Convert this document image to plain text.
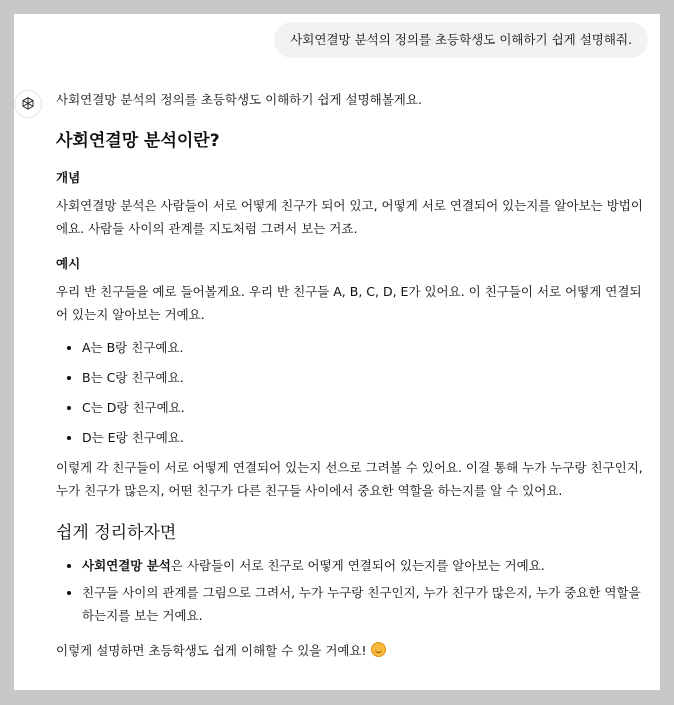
사회연결망 분석의 정의를 초등학생도 이해하기 쉽게 설명해줘.

사회연결망 분석의 정의를 초등학생도 이해하기 쉽게 설명해볼게요.

사회연결망 분석이란?
개념

사회연결망 분석은 사람들이 서로 어떻게 친구가 되어 있고, 어떻게 서로 연결되어 있는지를 알아보는 방법이에요. 사람들 사이의 관계를 지도처럼 그려서 보는 거죠.

예시

우리 반 친구들을 예로 들어볼게요. 우리 반 친구들 A, B, C, D, E가 있어요. 이 친구들이 서로 어떻게 연결되어 있는지 알아보는 거예요.

• A는 B랑 친구예요.
• B는 C랑 친구예요.
• C는 D랑 친구예요.
• D는 E랑 친구예요.

이렇게 각 친구들이 서로 어떻게 연결되어 있는지 선으로 그려볼 수 있어요. 이걸 통해 누가 누구랑 친구인지, 누가 친구가 많은지, 어떤 친구가 다른 친구들 사이에서 중요한 역할을 하는지를 알 수 있어요.

쉽게 정리하자면
• 사회연결망 분석은 사람들이 서로 친구로 어떻게 연결되어 있는지를 알아보는 거예요.
• 친구들 사이의 관계를 그림으로 그려서, 누가 누구랑 친구인지, 누가 친구가 많은지, 누가 중요한 역할을 하는지를 보는 거예요.

이렇게 설명하면 초등학생도 쉽게 이해할 수 있을 거예요!
